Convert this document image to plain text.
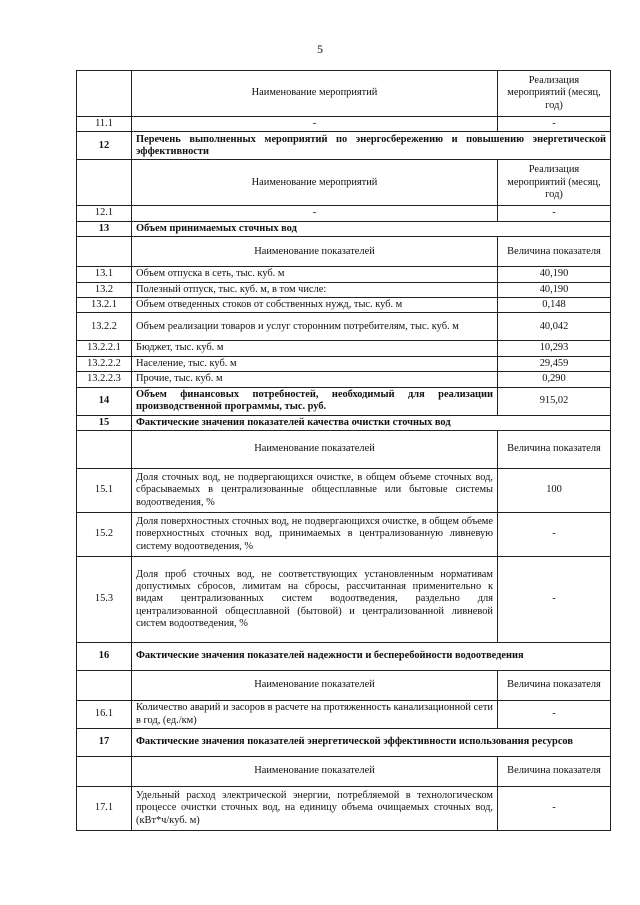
5
	Наименование мероприятий	Реализация мероприятий (месяц, год)
11.1	-	-
12	Перечень выполненных мероприятий по энергосбережению и повышению энергетической эффективности	
	Наименование мероприятий	Реализация мероприятий (месяц, год)
12.1	-	-
13	Объем принимаемых сточных вод	
	Наименование показателей	Величина показателя
13.1	Объем отпуска в сеть, тыс. куб. м	40,190
13.2	Полезный отпуск, тыс. куб. м, в том числе:	40,190
13.2.1	Объем отведенных стоков от собственных нужд, тыс. куб. м	0,148
13.2.2	Объем реализации товаров и услуг сторонним потребителям, тыс. куб. м	40,042
13.2.2.1	Бюджет, тыс. куб. м	10,293
13.2.2.2	Население, тыс. куб. м	29,459
13.2.2.3	Прочие, тыс. куб. м	0,290
14	Объем финансовых потребностей, необходимый для реализации производственной программы, тыс. руб.	915,02
15	Фактические значения показателей качества очистки сточных вод	
	Наименование показателей	Величина показателя
15.1	Доля сточных вод, не подвергающихся очистке, в общем объеме сточных вод, сбрасываемых в централизованные общесплавные или бытовые системы водоотведения, %	100
15.2	Доля поверхностных сточных вод, не подвергающихся очистке, в общем объеме поверхностных сточных вод, принимаемых в централизованную ливневую систему водоотведения, %	-
15.3	Доля проб сточных вод, не соответствующих установленным нормативам допустимых сбросов, лимитам на сбросы, рассчитанная применительно к видам централизованных систем водоотведения, раздельно для централизованной общесплавной (бытовой) и централизованной ливневой систем водоотведения, %	-
16	Фактические значения показателей надежности и бесперебойности водоотведения	
	Наименование показателей	Величина показателя
16.1	Количество аварий и засоров в расчете на протяженность канализационной сети в год, (ед./км)	-
17	Фактические значения показателей энергетической эффективности использования ресурсов	
	Наименование показателей	Величина показателя
17.1	Удельный расход электрической энергии, потребляемой в технологическом процессе очистки сточных вод, на единицу объема очищаемых сточных вод, (кВт*ч/куб. м)	-
